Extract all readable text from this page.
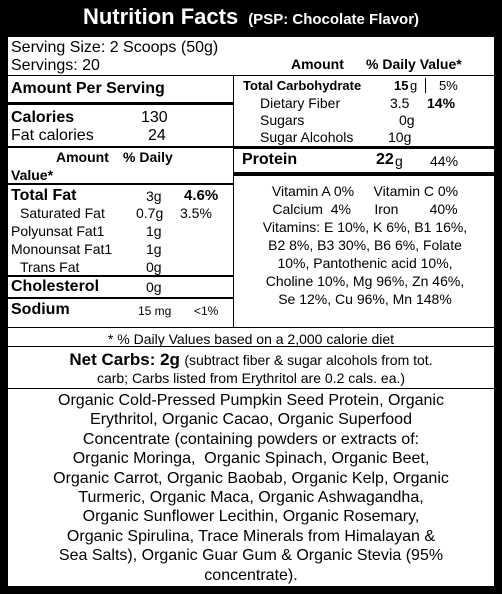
Nutrition Facts (PSP: Chocolate Flavor)
Serving Size: 2 Scoops (50g)
Servings: 20	Amount % Daily Value*
Amount Per Serving
Calories	130
Fat calories	24
Amount % Daily
Value*
Total Fat	3g 4.6%
Saturated Fat 0.7g 3.5%
Polyunsat Fat1	1g
Monounsat Fat1 1g
Trans Fat	0g
Cholesterol	0g
Sodium	15 mg <1%
Total Carbohydrate	15 g 5%
Dietary Fiber	3.5 14%
Sugars	0g
Sugar Alcohols 10g
Protein	22 g 44%
Vitamin A 0%     Vitamin C 0%
Calcium  4%      Iron        40%
Vitamins: E 10%, K 6%, B1 16%,
B2 8%, B3 30%, B6 6%, Folate
10%, Pantothenic acid 10%,
Choline 10%, Mg 96%, Zn 46%,
Se 12%, Cu 96%, Mn 148%
* % Daily Values based on a 2,000 calorie diet
Net Carbs: 2g (subtract fiber & sugar alcohols from tot.
carb; Carbs listed from Erythritol are 0.2 cals. ea.)
Organic Cold-Pressed Pumpkin Seed Protein, Organic
Erythritol, Organic Cacao, Organic Superfood
Concentrate (containing powders or extracts of:
Organic Moringa,  Organic Spinach, Organic Beet,
Organic Carrot, Organic Baobab, Organic Kelp, Organic
Turmeric, Organic Maca, Organic Ashwagandha,
Organic Sunflower Lecithin, Organic Rosemary,
Organic Spirulina, Trace Minerals from Himalayan &
Sea Salts), Organic Guar Gum & Organic Stevia (95%
concentrate).
